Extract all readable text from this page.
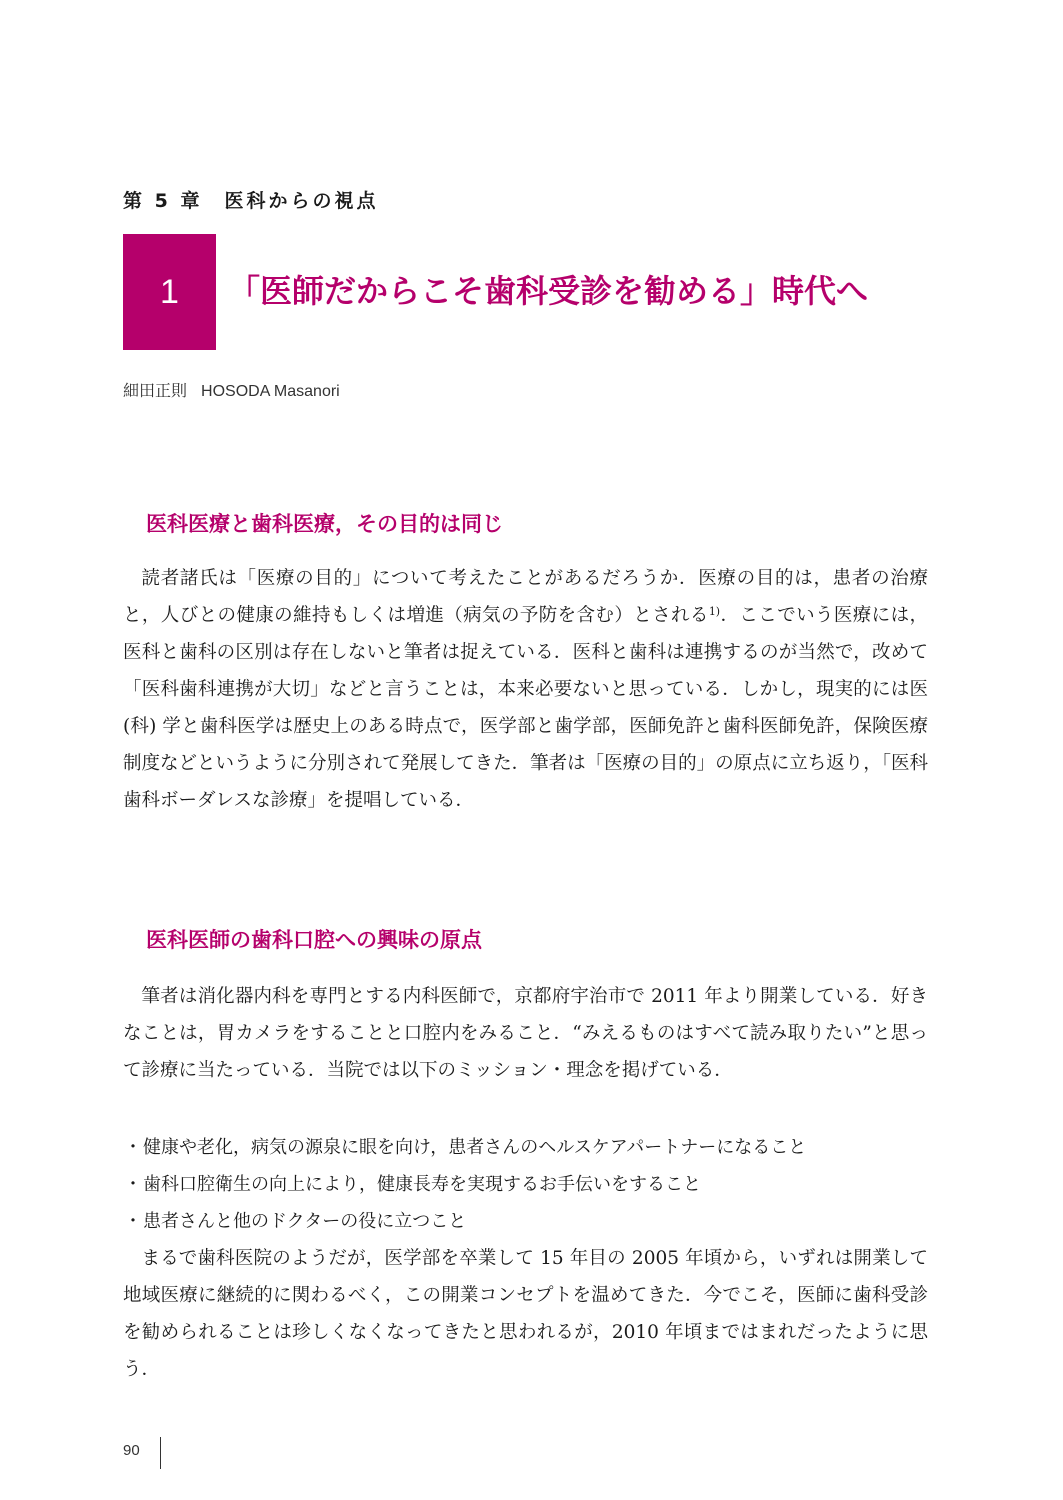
第 5 章　医科からの視点
1 「医師だからこそ歯科受診を勧める」時代へ
細田正則 HOSODA Masanori
医科医療と歯科医療，その目的は同じ

読者諸氏は「医療の目的」について考えたことがあるだろうか．医療の目的は，患者の治療と，人びとの健康の維持もしくは増進（病気の予防を含む）とされる$^{1)}$．ここでいう医療には，医科と歯科の区別は存在しないと筆者は捉えている．医科と歯科は連携するのが当然で，改めて「医科歯科連携が大切」などと言うことは，本来必要ないと思っている．しかし，現実的には医 (科) 学と歯科医学は歴史上のある時点で，医学部と歯学部，医師免許と歯科医師免許，保険医療制度などというように分別されて発展してきた．筆者は「医療の目的」の原点に立ち返り，「医科歯科ボーダレスな診療」を提唱している．

医科医師の歯科口腔への興味の原点

筆者は消化器内科を専門とする内科医師で，京都府宇治市で 2011 年より開業している．好きなことは，胃カメラをすることと口腔内をみること．“みえるものはすべて読み取りたい”と思って診療に当たっている．当院では以下のミッション・理念を掲げている．

・健康や老化，病気の源泉に眼を向け，患者さんのヘルスケアパートナーになること
・歯科口腔衛生の向上により，健康長寿を実現するお手伝いをすること
・患者さんと他のドクターの役に立つこと

まるで歯科医院のようだが，医学部を卒業して 15 年目の 2005 年頃から，いずれは開業して地域医療に継続的に関わるべく，この開業コンセプトを温めてきた．今でこそ，医師に歯科受診を勧められることは珍しくなくなってきたと思われるが，2010 年頃まではまれだったように思う．

90
